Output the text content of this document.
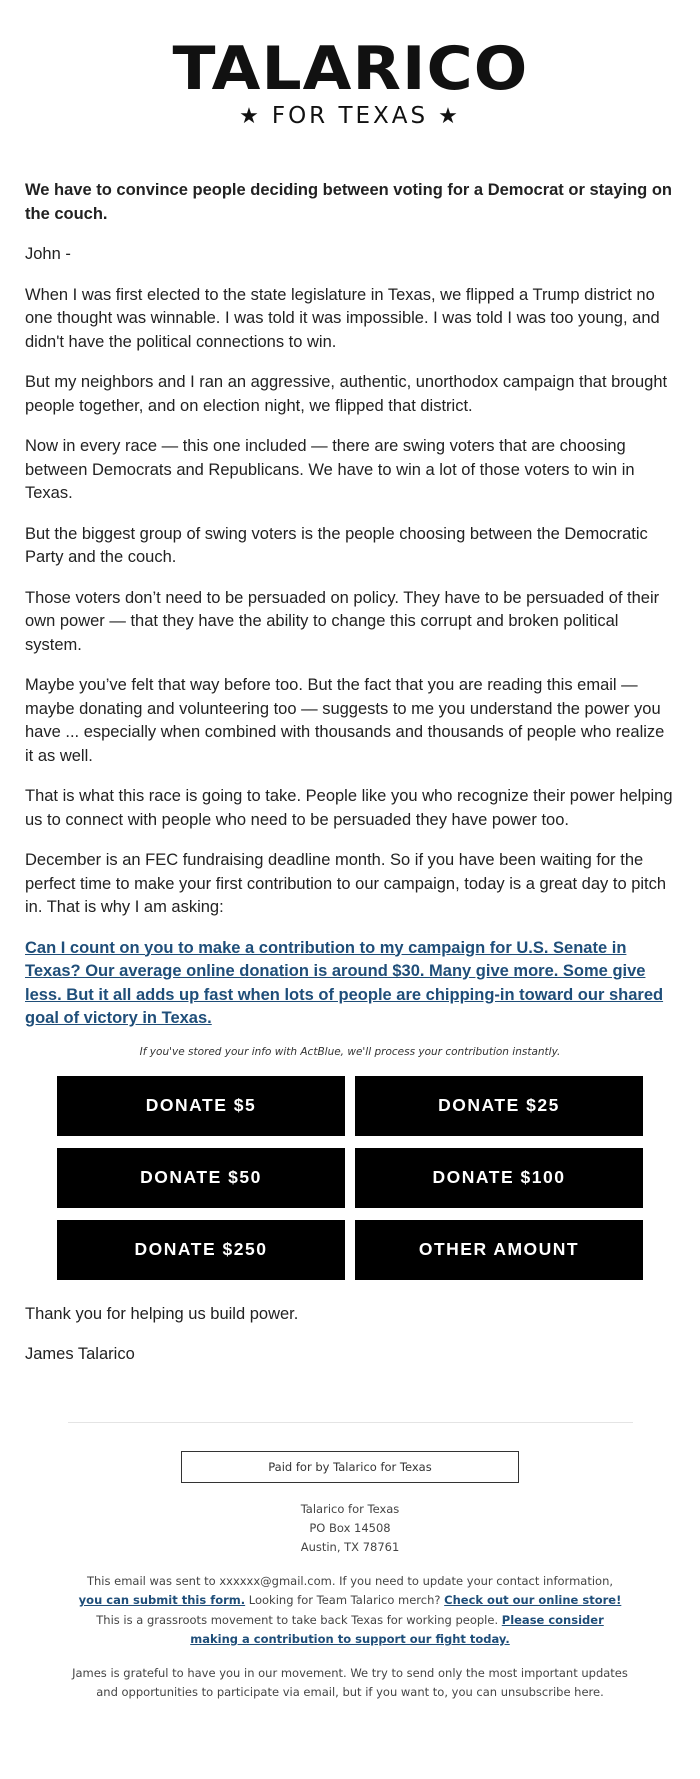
TALARICO
★ FOR TEXAS ★

We have to convince people deciding between voting for a Democrat or staying on the couch.

John -

When I was first elected to the state legislature in Texas, we flipped a Trump district no one thought was winnable. I was told it was impossible. I was told I was too young, and didn't have the political connections to win.

But my neighbors and I ran an aggressive, authentic, unorthodox campaign that brought people together, and on election night, we flipped that district.

Now in every race — this one included — there are swing voters that are choosing between Democrats and Republicans. We have to win a lot of those voters to win in Texas.

But the biggest group of swing voters is the people choosing between the Democratic Party and the couch.

Those voters don’t need to be persuaded on policy. They have to be persuaded of their own power — that they have the ability to change this corrupt and broken political system.

Maybe you’ve felt that way before too. But the fact that you are reading this email — maybe donating and volunteering too — suggests to me you understand the power you have ... especially when combined with thousands and thousands of people who realize it as well.

That is what this race is going to take. People like you who recognize their power helping us to connect with people who need to be persuaded they have power too.

December is an FEC fundraising deadline month. So if you have been waiting for the perfect time to make your first contribution to our campaign, today is a great day to pitch in. That is why I am asking:

Can I count on you to make a contribution to my campaign for U.S. Senate in Texas? Our average online donation is around $30. Many give more. Some give less. But it all adds up fast when lots of people are chipping-in toward our shared goal of victory in Texas.
If you've stored your info with ActBlue, we'll process your contribution instantly.
DONATE $5	DONATE $25
DONATE $50	DONATE $100
DONATE $250	OTHER AMOUNT

Thank you for helping us build power.

James Talarico

Paid for by Talarico for Texas
Talarico for Texas
PO Box 14508
Austin, TX 78761
This email was sent to xxxxxx@gmail.com. If you need to update your contact information, you can submit this form. Looking for Team Talarico merch? Check out our online store! This is a grassroots movement to take back Texas for working people. Please consider making a contribution to support our fight today.
James is grateful to have you in our movement. We try to send only the most important updates and opportunities to participate via email, but if you want to, you can unsubscribe here.
